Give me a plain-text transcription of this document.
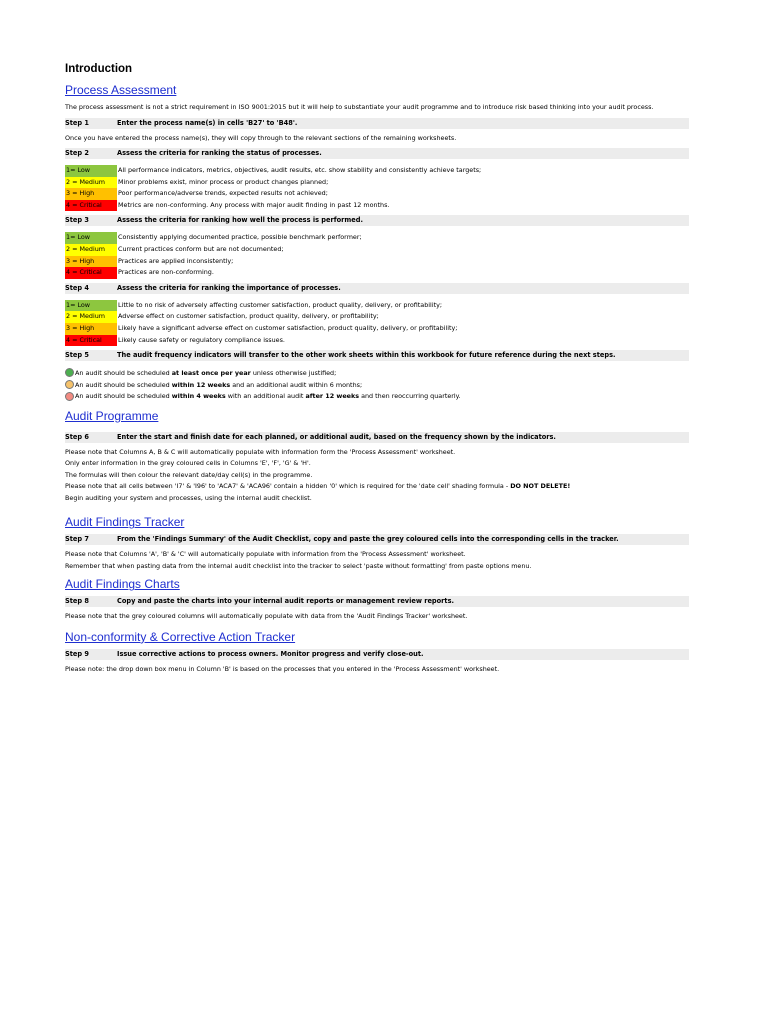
Introduction
Process Assessment

The process assessment is not a strict requirement in ISO 9001:2015 but it will help to substantiate your audit programme and to introduce risk based thinking into your audit process.

Step 1	Enter the process name(s) in cells 'B27' to 'B48'.

Once you have entered the process name(s), they will copy through to the relevant sections of the remaining worksheets.

Step 2	Assess the criteria for ranking the status of processes.
1= Low	All performance indicators, metrics, objectives, audit results, etc. show stability and consistently achieve targets;
2 = Medium	Minor problems exist, minor process or product changes planned;
3 = High	Poor performance/adverse trends, expected results not achieved;
4 = Critical	Metrics are non-conforming. Any process with major audit finding in past 12 months.
Step 3	Assess the criteria for ranking how well the process is performed.
1= Low	Consistently applying documented practice, possible benchmark performer;
2 = Medium	Current practices conform but are not documented;
3 = High	Practices are applied inconsistently;
4 = Critical	Practices are non-conforming.
Step 4	Assess the criteria for ranking the importance of processes.
1= Low	Little to no risk of adversely affecting customer satisfaction, product quality, delivery, or profitability;
2 = Medium	Adverse effect on customer satisfaction, product quality, delivery, or profitability;
3 = High	Likely have a significant adverse effect on customer satisfaction, product quality, delivery, or profitability;
4 = Critical	Likely cause safety or regulatory compliance issues.
Step 5	The audit frequency indicators will transfer to the other work sheets within this workbook for future reference during the next steps.
An audit should be scheduled at least once per year unless otherwise justified;
An audit should be scheduled within 12 weeks and an additional audit within 6 months;
An audit should be scheduled within 4 weeks with an additional audit after 12 weeks and then reoccurring quarterly.
Audit Programme
Step 6	Enter the start and finish date for each planned, or additional audit, based on the frequency shown by the indicators.

Please note that Columns A, B & C will automatically populate with information form the 'Process Assessment' worksheet.

Only enter information in the grey coloured cells in Columns 'E', 'F', 'G' & 'H'.

The formulas will then colour the relevant date/day cell(s) in the programme.

Please note that all cells between 'I7' & 'I96' to 'ACA7' & 'ACA96' contain a hidden '0' which is required for the 'date cell' shading formula - DO NOT DELETE!

Begin auditing your system and processes, using the internal audit checklist.

Audit Findings Tracker
Step 7	From the 'Findings Summary' of the Audit Checklist, copy and paste the grey coloured cells into the corresponding cells in the tracker.

Please note that Columns 'A', 'B' & 'C' will automatically populate with information from the 'Process Assessment' worksheet.

Remember that when pasting data from the internal audit checklist into the tracker to select 'paste without formatting' from paste options menu.

Audit Findings Charts
Step 8	Copy and paste the charts into your internal audit reports or management review reports.

Please note that the grey coloured columns will automatically populate with data from the 'Audit Findings Tracker' worksheet.

Non-conformity & Corrective Action Tracker
Step 9	Issue corrective actions to process owners. Monitor progress and verify close-out.

Please note: the drop down box menu in Column 'B' is based on the processes that you entered in the 'Process Assessment' worksheet.
